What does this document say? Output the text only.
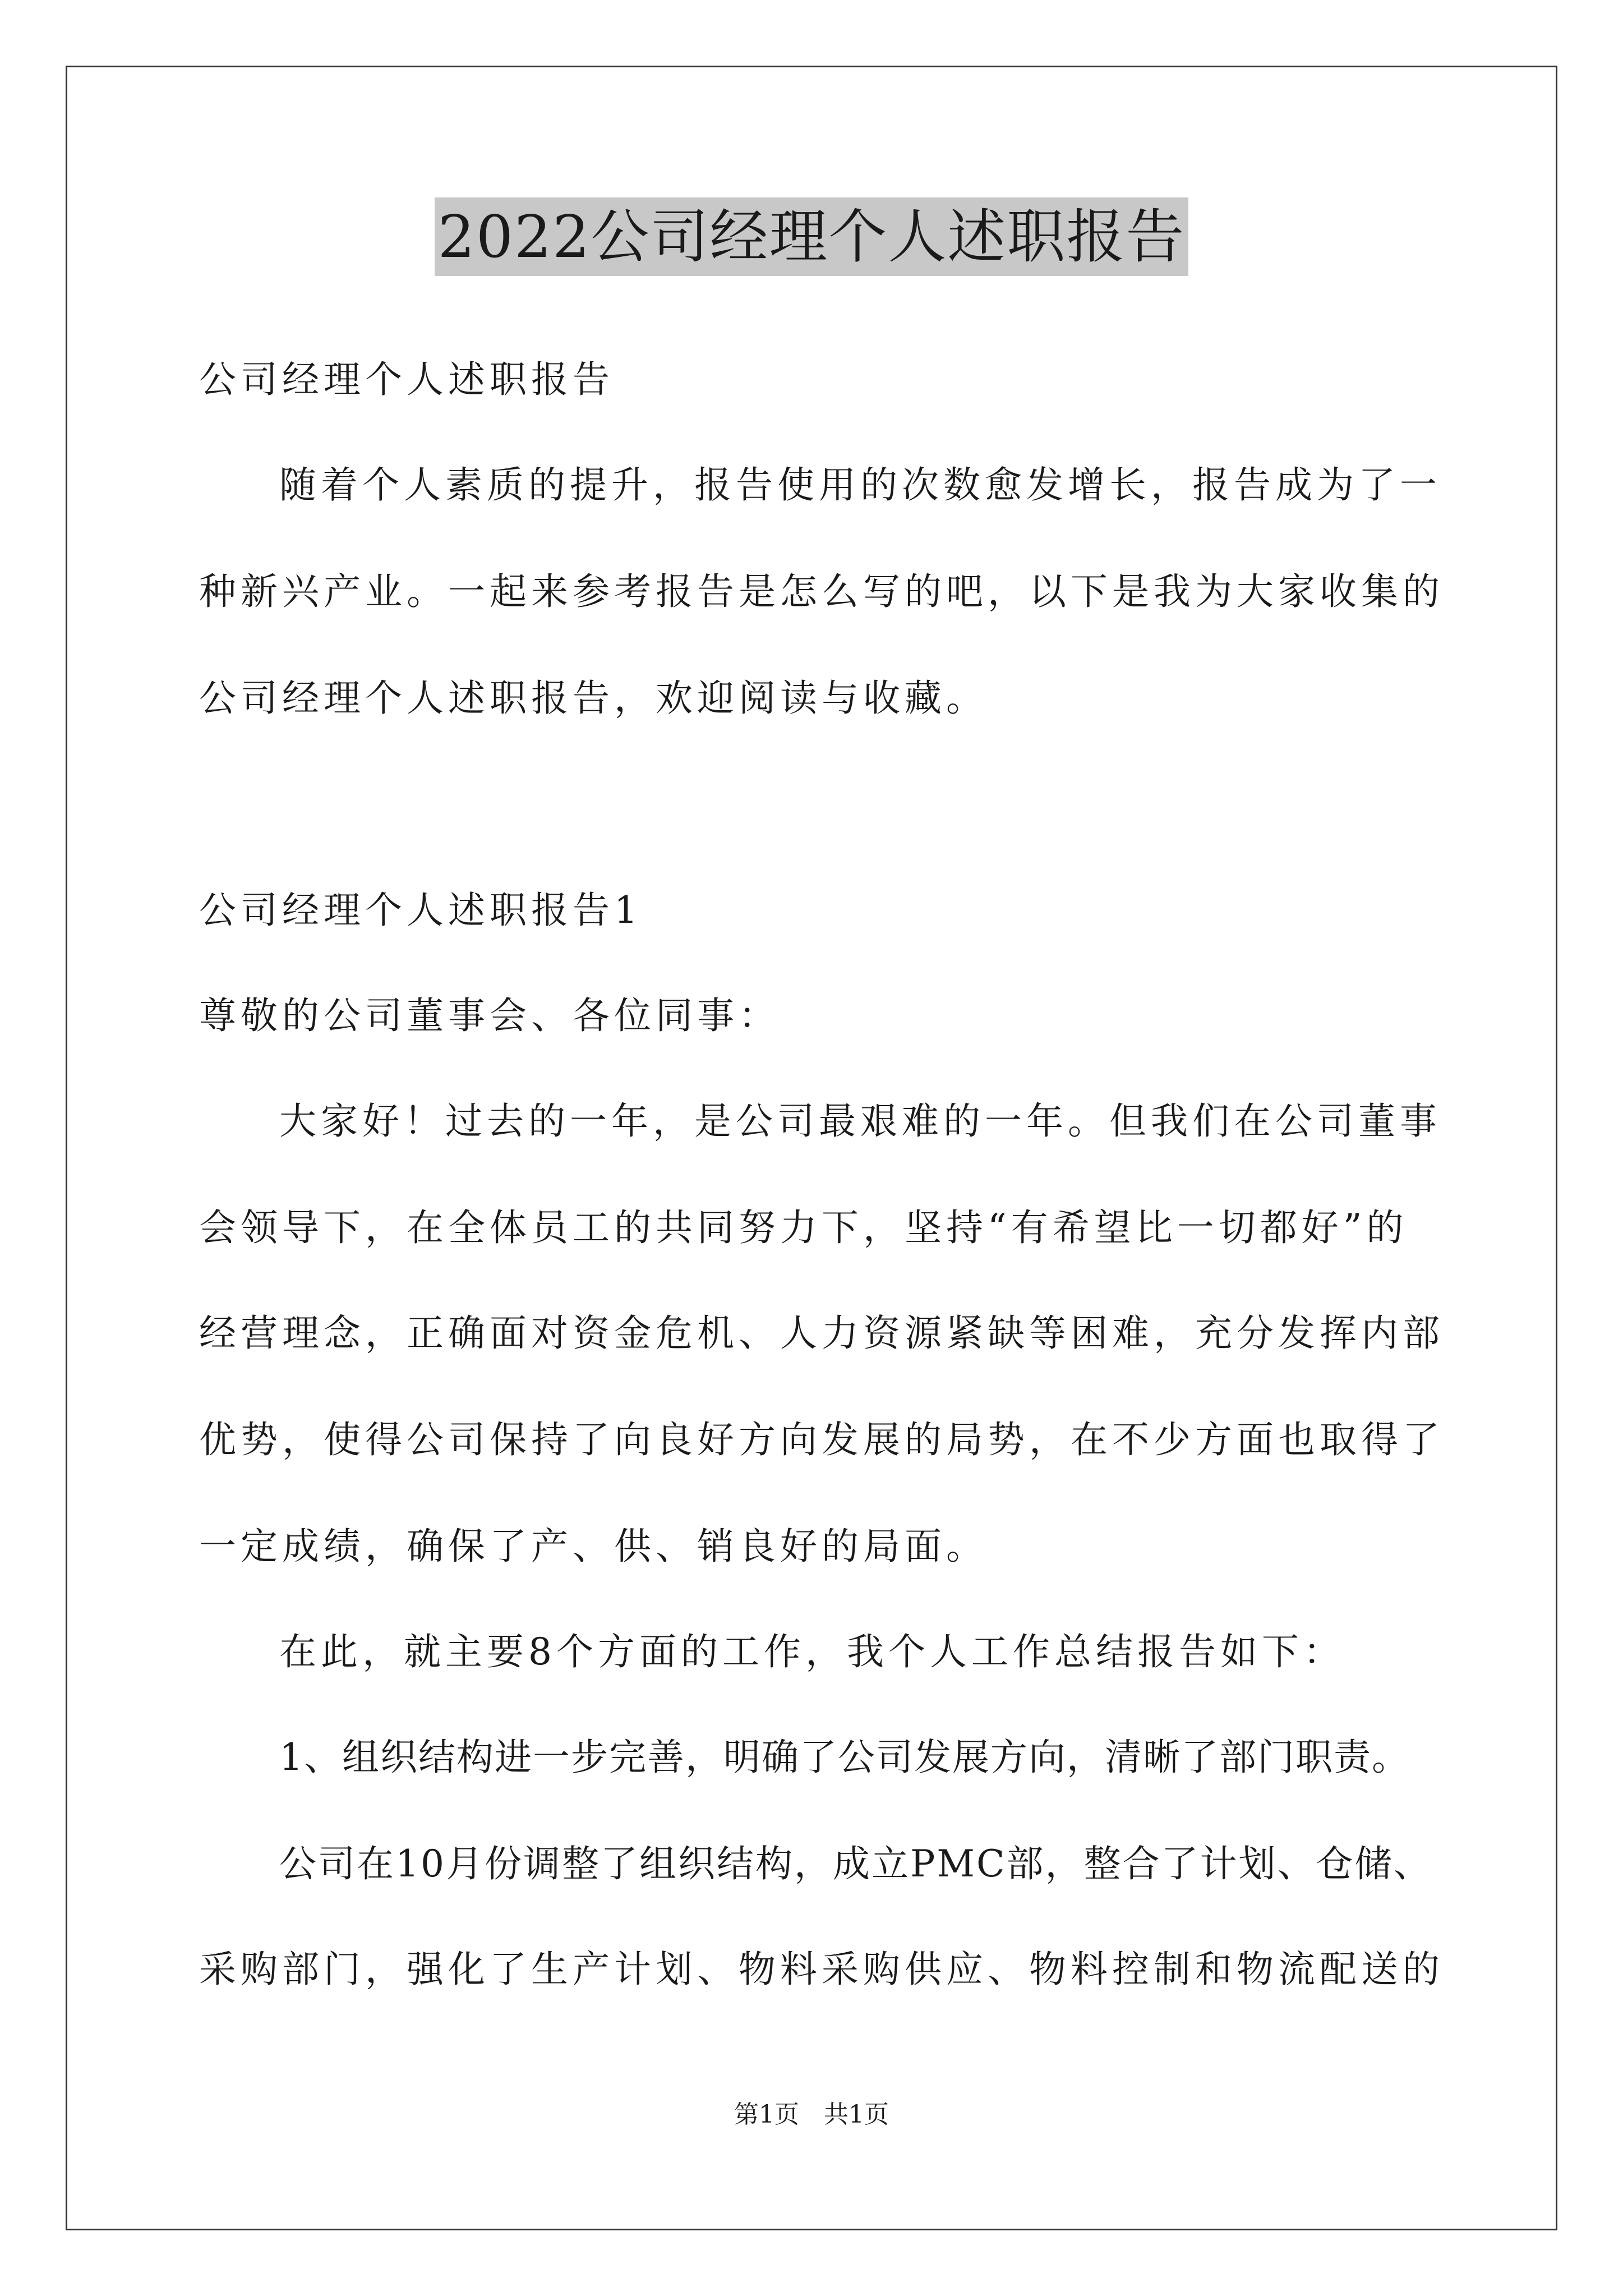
2022公司经理个人述职报告
公司经理个人述职报告
随着个人素质的提升，报告使用的次数愈发增长，报告成为了一
种新兴产业。一起来参考报告是怎么写的吧，以下是我为大家收集的
公司经理个人述职报告，欢迎阅读与收藏。
公司经理个人述职报告1
尊敬的公司董事会、各位同事：
大家好！过去的一年，是公司最艰难的一年。但我们在公司董事
会领导下，在全体员工的共同努力下，坚持“有希望比一切都好”的
经营理念，正确面对资金危机、人力资源紧缺等困难，充分发挥内部
优势，使得公司保持了向良好方向发展的局势，在不少方面也取得了
一定成绩，确保了产、供、销良好的局面。
在此，就主要8个方面的工作，我个人工作总结报告如下：
1、组织结构进一步完善，明确了公司发展方向，清晰了部门职责。
公司在10月份调整了组织结构，成立PMC部，整合了计划、仓储、
采购部门，强化了生产计划、物料采购供应、物料控制和物流配送的
第1页　共1页
